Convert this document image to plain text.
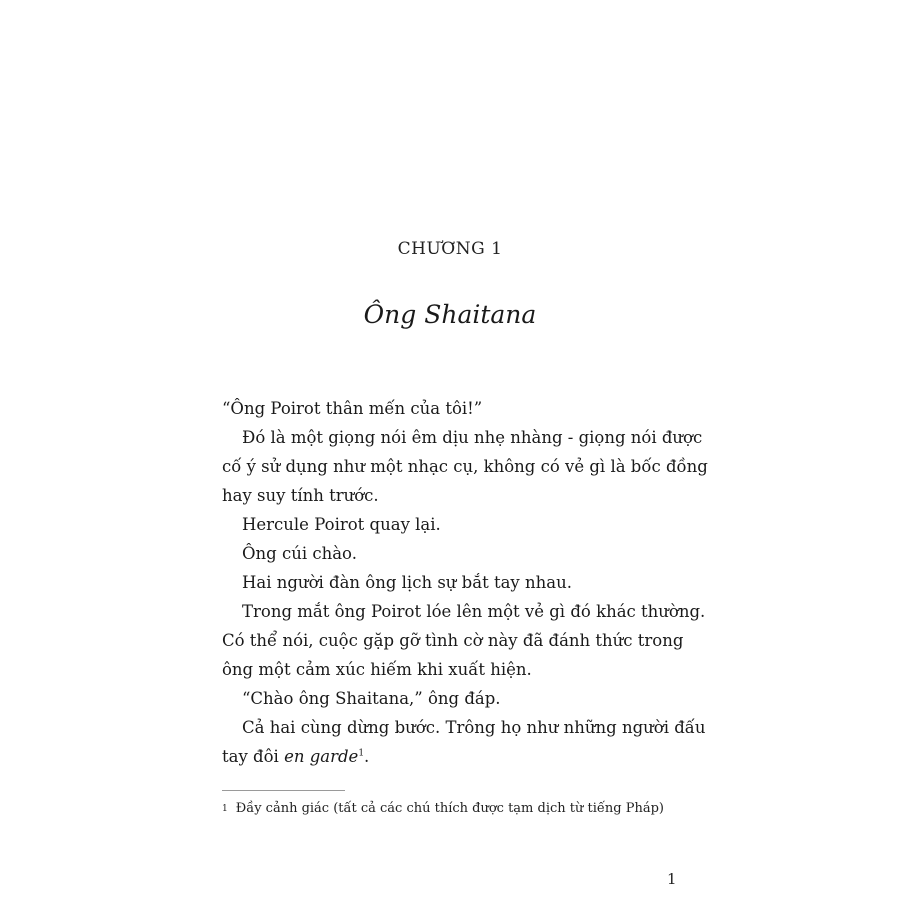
CHƯƠNG 1
Ông Shaitana
“Ông Poirot thân mến của tôi!”
Đó là một giọng nói êm dịu nhẹ nhàng - giọng nói được
cố ý sử dụng như một nhạc cụ, không có vẻ gì là bốc đồng
hay suy tính trước.
Hercule Poirot quay lại.
Ông cúi chào.
Hai người đàn ông lịch sự bắt tay nhau.
Trong mắt ông Poirot lóe lên một vẻ gì đó khác thường.
Có thể nói, cuộc gặp gỡ tình cờ này đã đánh thức trong
ông một cảm xúc hiếm khi xuất hiện.
“Chào ông Shaitana,” ông đáp.
Cả hai cùng dừng bước. Trông họ như những người đấu
tay đôi en garde$^1$.
$^1$ Đầy cảnh giác (tất cả các chú thích được tạm dịch từ tiếng Pháp)
1
